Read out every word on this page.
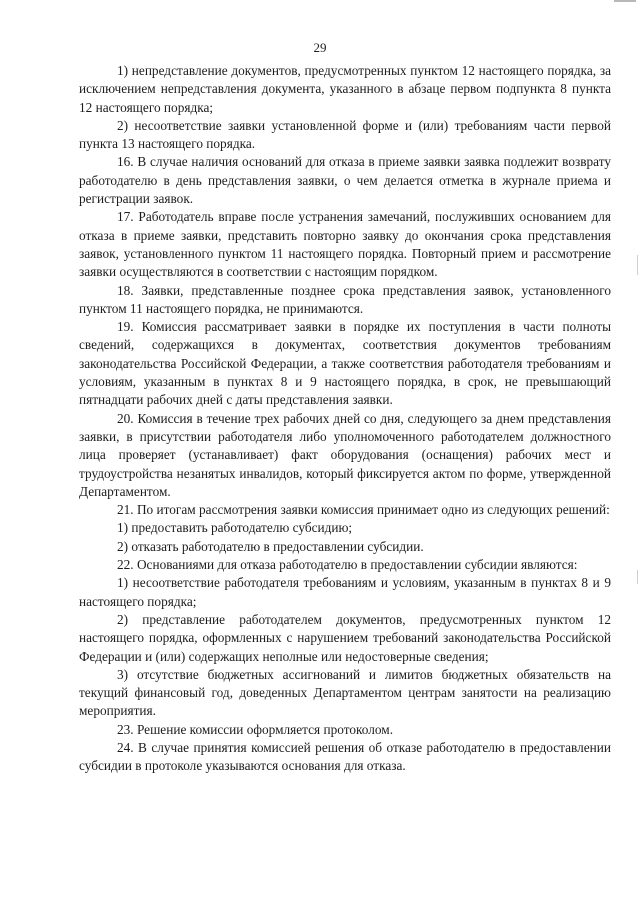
29

1) непредставление документов, предусмотренных пунктом 12 настоящего порядка, за исключением непредставления документа, указанного в абзаце первом подпункта 8 пункта 12 настоящего порядка;

2) несоответствие заявки установленной форме и (или) требованиям части первой пункта 13 настоящего порядка.

16. В случае наличия оснований для отказа в приеме заявки заявка подлежит возврату работодателю в день представления заявки, о чем делается отметка в журнале приема и регистрации заявок.

17. Работодатель вправе после устранения замечаний, послуживших основанием для отказа в приеме заявки, представить повторно заявку до окончания срока представления заявок, установленного пунктом 11 настоящего порядка. Повторный прием и рассмотрение заявки осуществляются в соответствии с настоящим порядком.

18. Заявки, представленные позднее срока представления заявок, установленного пунктом 11 настоящего порядка, не принимаются.

19. Комиссия рассматривает заявки в порядке их поступления в части полноты сведений, содержащихся в документах, соответствия документов требованиям законодательства Российской Федерации, а также соответствия работодателя требованиям и условиям, указанным в пунктах 8 и 9 настоящего порядка, в срок, не превышающий пятнадцати рабочих дней с даты представления заявки.

20. Комиссия в течение трех рабочих дней со дня, следующего за днем представления заявки, в присутствии работодателя либо уполномоченного работодателем должностного лица проверяет (устанавливает) факт оборудования (оснащения) рабочих мест и трудоустройства незанятых инвалидов, который фиксируется актом по форме, утвержденной Департаментом.

21. По итогам рассмотрения заявки комиссия принимает одно из следующих решений:

1) предоставить работодателю субсидию;

2) отказать работодателю в предоставлении субсидии.

22. Основаниями для отказа работодателю в предоставлении субсидии являются:

1) несоответствие работодателя требованиям и условиям, указанным в пунктах 8 и 9 настоящего порядка;

2) представление работодателем документов, предусмотренных пунктом 12 настоящего порядка, оформленных с нарушением требований законодательства Российской Федерации и (или) содержащих неполные или недостоверные сведения;

3) отсутствие бюджетных ассигнований и лимитов бюджетных обязательств на текущий финансовый год, доведенных Департаментом центрам занятости на реализацию мероприятия.

23. Решение комиссии оформляется протоколом.

24. В случае принятия комиссией решения об отказе работодателю в предоставлении субсидии в протоколе указываются основания для отказа.
